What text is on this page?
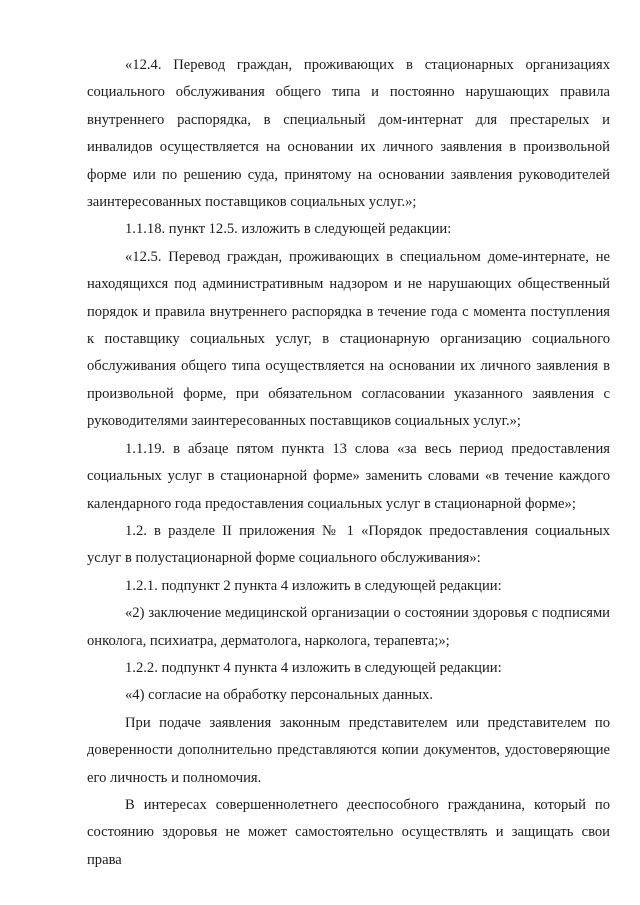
«12.4. Перевод граждан, проживающих в стационарных организациях социального обслуживания общего типа и постоянно нарушающих правила внутреннего распорядка, в специальный дом-интернат для престарелых и инвалидов осуществляется на основании их личного заявления в произвольной форме или по решению суда, принятому на основании заявления руководителей заинтересованных поставщиков социальных услуг.»;

1.1.18. пункт 12.5. изложить в следующей редакции:

«12.5. Перевод граждан, проживающих в специальном доме-интернате, не находящихся под административным надзором и не нарушающих общественный порядок и правила внутреннего распорядка в течение года с момента поступления к поставщику социальных услуг, в стационарную организацию социального обслуживания общего типа осуществляется на основании их личного заявления в произвольной форме, при обязательном согласовании указанного заявления с руководителями заинтересованных поставщиков социальных услуг.»;

1.1.19. в абзаце пятом пункта 13 слова «за весь период предоставления социальных услуг в стационарной форме» заменить словами «в течение каждого календарного года предоставления социальных услуг в стационарной форме»;

1.2. в разделе II приложения № 1 «Порядок предоставления социальных услуг в полустационарной форме социального обслуживания»:

1.2.1. подпункт 2 пункта 4 изложить в следующей редакции:

«2) заключение медицинской организации о состоянии здоровья с подписями онколога, психиатра, дерматолога, нарколога, терапевта;»;

1.2.2. подпункт 4 пункта 4 изложить в следующей редакции:

«4) согласие на обработку персональных данных.

При подаче заявления законным представителем или представителем по доверенности дополнительно представляются копии документов, удостоверяющие его личность и полномочия.

В интересах совершеннолетнего дееспособного гражданина, который по состоянию здоровья не может самостоятельно осуществлять и защищать свои права
